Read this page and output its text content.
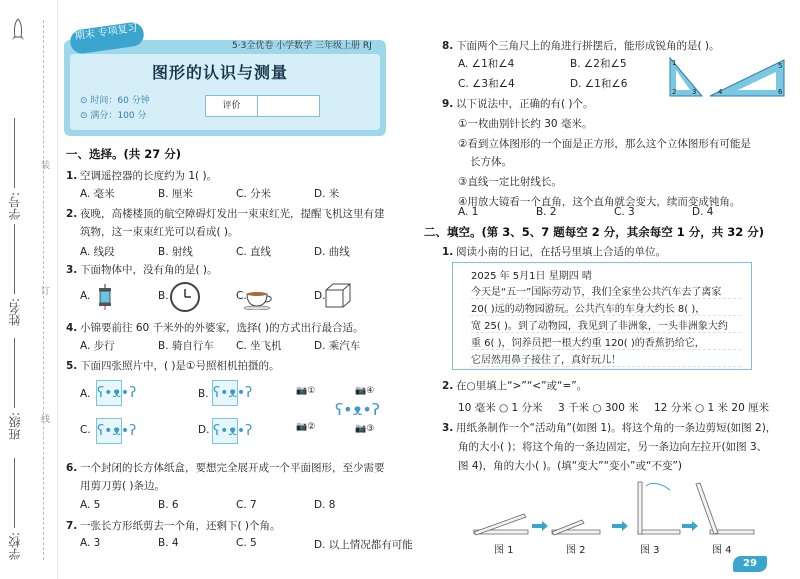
学号:
姓名:
班级:
学校:
装
订
线
期末 专项复习
5·3全优卷 小学数学 三年级上册 RJ
图形的认识与测量
⊙ 时间：60 分钟
⊙ 满分：100 分
评价
一、选择。(共 27 分)
1. 空调遥控器的长度约为 1( )。
A. 毫米	B. 厘米	C. 分米	D. 米
2. 夜晚，高楼楼顶的航空障碍灯发出一束束红光，提醒飞机这里有建
筑物，这一束束红光可以看成( )。
A. 线段	B. 射线	C. 直线	D. 曲线
3. 下面物体中，没有角的是( )。
A.	B.	C.	D.
4. 小锦要前往 60 千米外的外婆家，选择( )的方式出行最合适。
A. 步行	B. 骑自行车	C. 坐飞机	D. 乘汽车
5. 下面四张照片中，( )是①号照相机拍摄的。
A.	B.
C.	D.
ʕ•ᴥ•ʔ	ʕ•ᴥ•ʔ
ʕ•ᴥ•ʔ	ʕ•ᴥ•ʔ
ʕ•ᴥ•ʔ
📷①	📷④
📷②	📷③
6. 一个封闭的长方体纸盒，要想完全展开成一个平面图形，至少需要
用剪刀剪( )条边。
A. 5	B. 6	C. 7	D. 8
7. 一张长方形纸剪去一个角，还剩下( )个角。
A. 3	B. 4	C. 5	D. 以上情况都有可能
8. 下面两个三角尺上的角进行拼摆后，能形成锐角的是( )。
A. ∠1和∠4	B. ∠2和∠5
C. ∠3和∠4	D. ∠1和∠6
1
2 3	4
5
6
9. 以下说法中，正确的有( )个。
①一枚曲别针长约 30 毫米。
②看到立体图形的一个面是正方形，那么这个立体图形有可能是
长方体。
③直线一定比射线长。
④用放大镜看一个直角，这个直角就会变大，续而变成钝角。
A. 1	B. 2	C. 3	D. 4
二、填空。(第 3、5、7 题每空 2 分，其余每空 1 分，共 32 分)
1. 阅读小南的日记，在括号里填上合适的单位。
2025 年 5月1日 星期四 晴
今天是“五一”国际劳动节，我们全家坐公共汽车去了离家
20( )远的动物园游玩。公共汽车的车身大约长 8( )，
宽 25( )。到了动物园，我见到了非洲象，一头非洲象大约
重 6( )，饲养员把一根大约重 120( )的香蕉扔给它，
它居然用鼻子接住了，真好玩儿！
2. 在○里填上“>”“<”或“=”。
10 毫米 ○ 1 分米	3 千米 ○ 300 米	12 分米 ○ 1 米 20 厘米
3. 用纸条制作一个“活动角”(如图 1)。将这个角的一条边剪短(如图 2)，
角的大小( )；将这个角的一条边固定，另一条边向左拉开(如图 3、
图 4)，角的大小( )。(填“变大”“变小”或“不变”)
图 1	图 2	图 3	图 4
29
